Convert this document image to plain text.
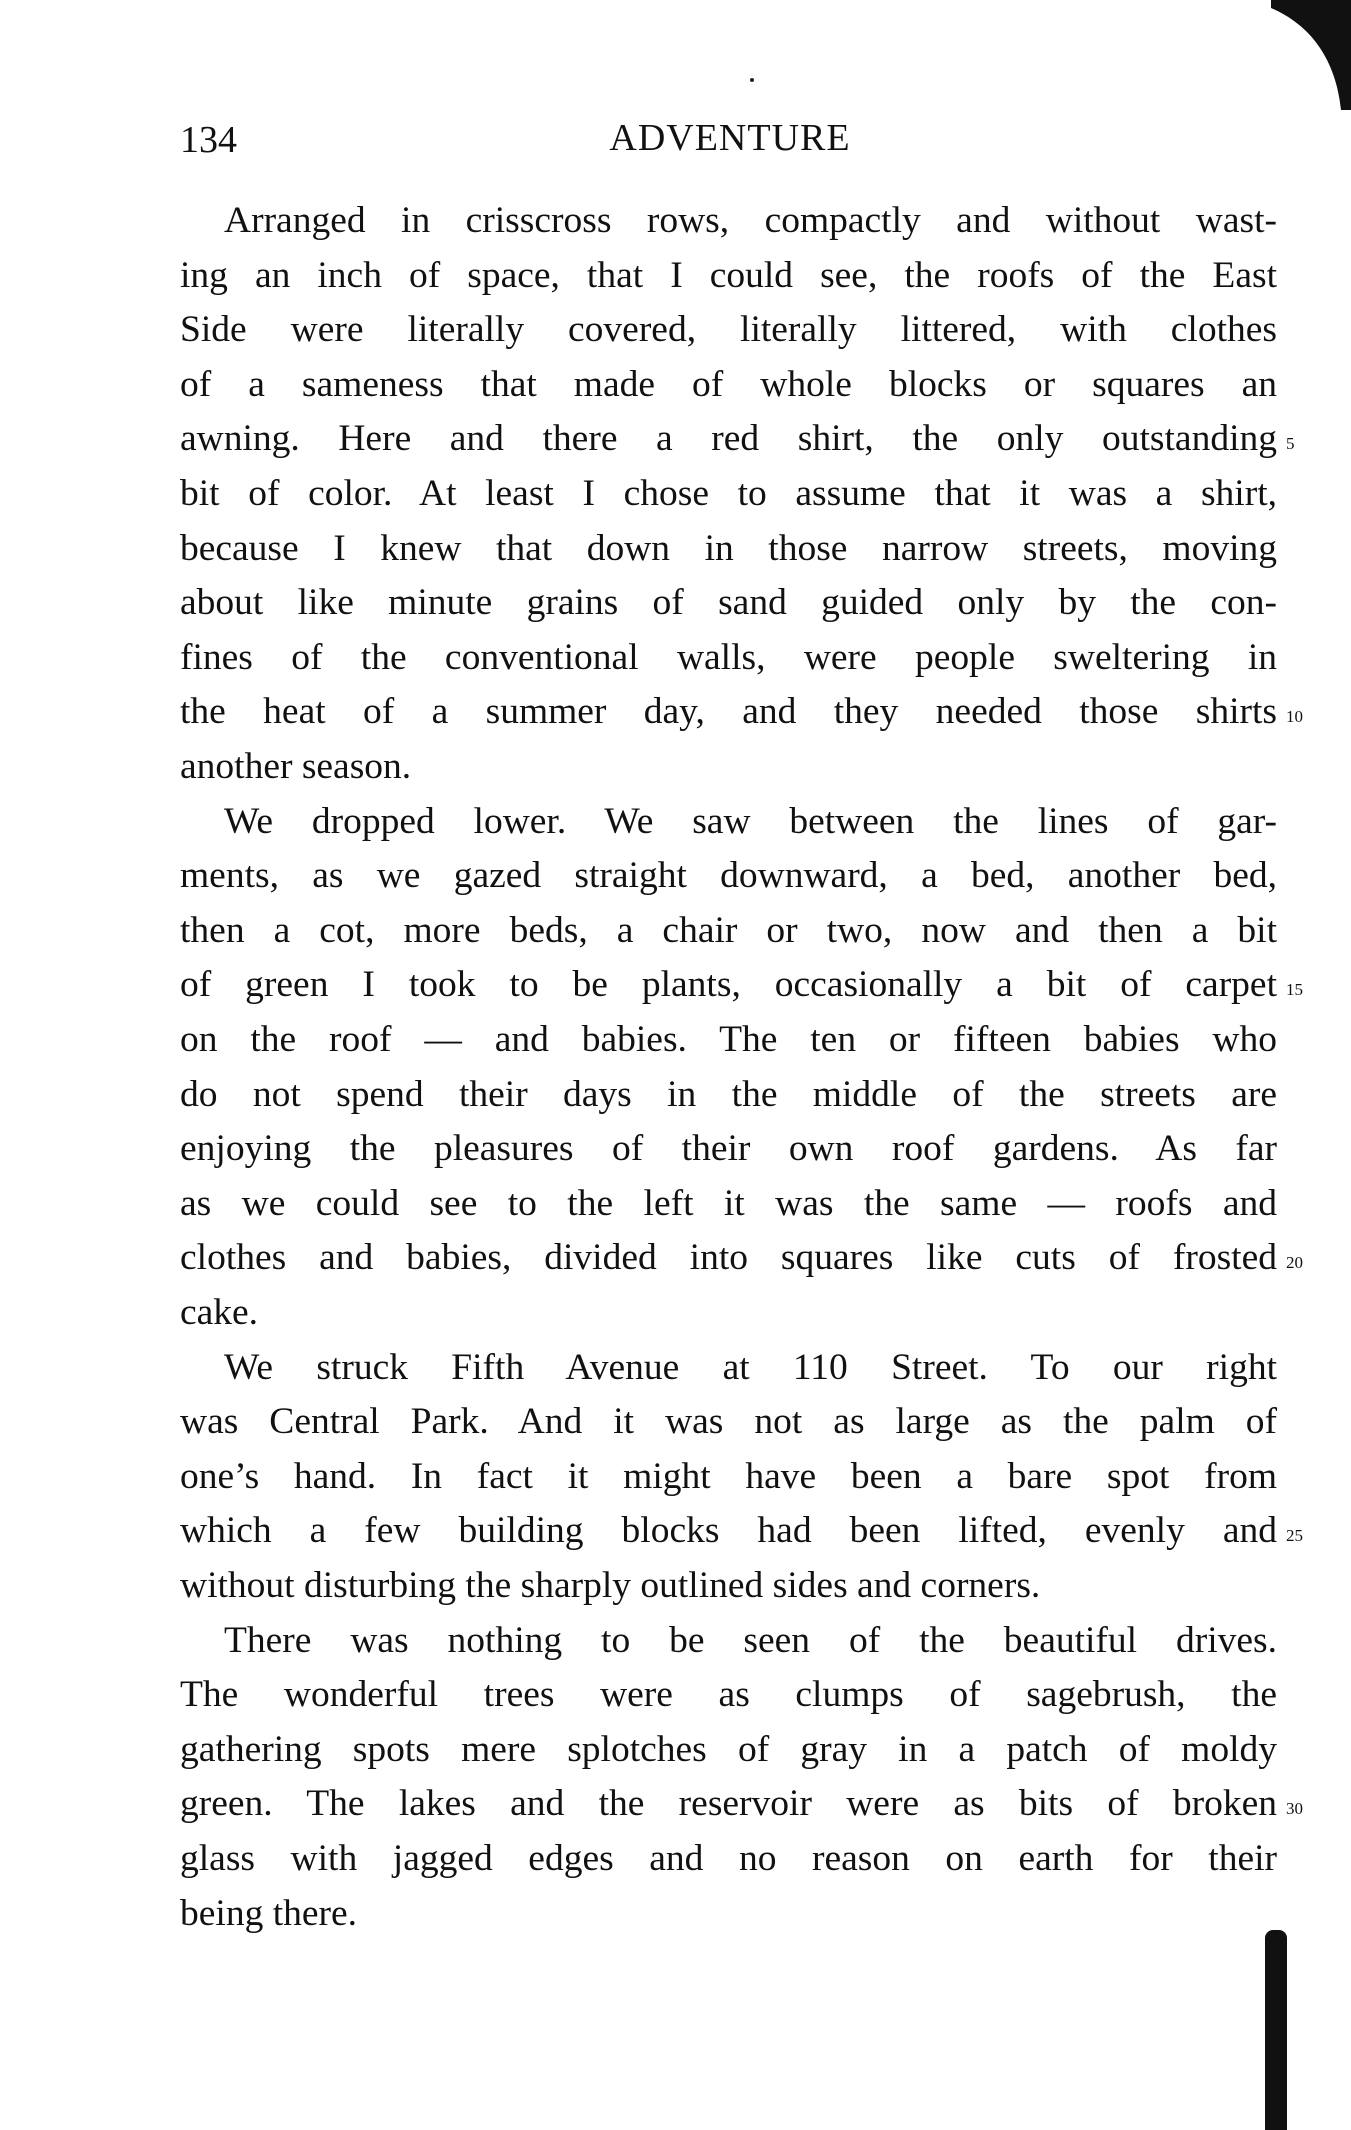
134	ADVENTURE
Arranged in crisscross rows, compactly and without wast-
ing an inch of space, that I could see, the roofs of the East
Side were literally covered, literally littered, with clothes
of a sameness that made of whole blocks or squares an
awning. Here and there a red shirt, the only outstanding 5
bit of color. At least I chose to assume that it was a shirt,
because I knew that down in those narrow streets, moving
about like minute grains of sand guided only by the con-
fines of the conventional walls, were people sweltering in
the heat of a summer day, and they needed those shirts 10
another season.
We dropped lower. We saw between the lines of gar-
ments, as we gazed straight downward, a bed, another bed,
then a cot, more beds, a chair or two, now and then a bit
of green I took to be plants, occasionally a bit of carpet 15
on the roof — and babies. The ten or fifteen babies who
do not spend their days in the middle of the streets are
enjoying the pleasures of their own roof gardens. As far
as we could see to the left it was the same — roofs and
clothes and babies, divided into squares like cuts of frosted 20
cake.
We struck Fifth Avenue at 110 Street. To our right
was Central Park. And it was not as large as the palm of
one’s hand. In fact it might have been a bare spot from
which a few building blocks had been lifted, evenly and 25
without disturbing the sharply outlined sides and corners.
There was nothing to be seen of the beautiful drives.
The wonderful trees were as clumps of sagebrush, the
gathering spots mere splotches of gray in a patch of moldy
green. The lakes and the reservoir were as bits of broken 30
glass with jagged edges and no reason on earth for their
being there.
